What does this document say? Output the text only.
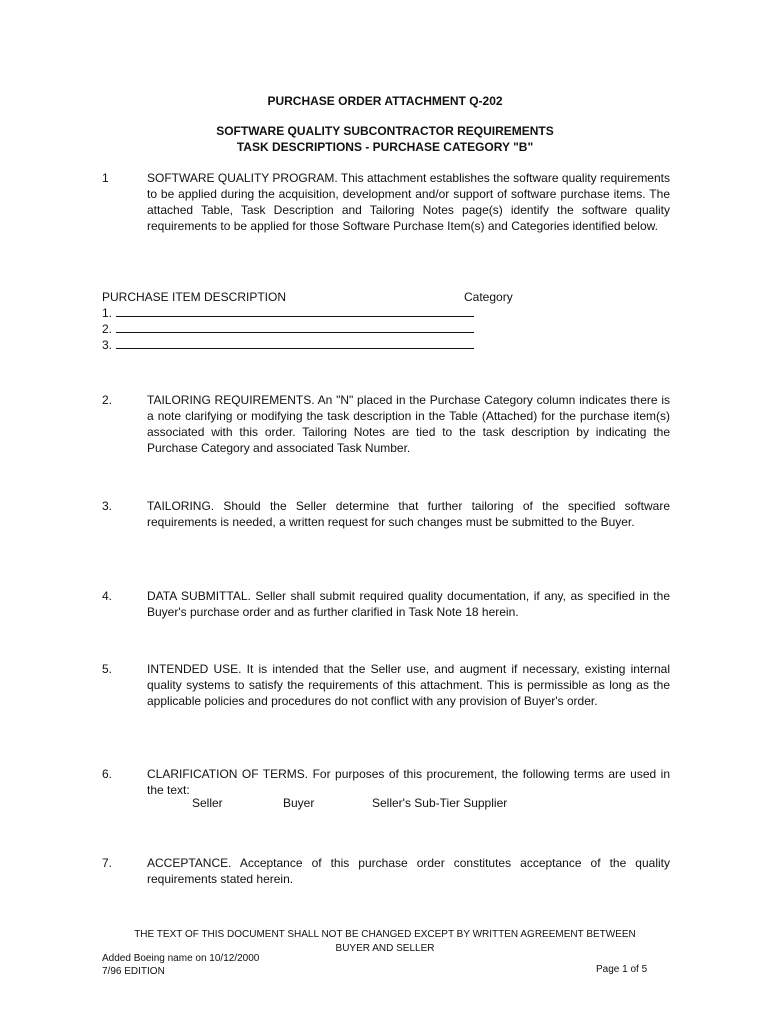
PURCHASE ORDER ATTACHMENT Q-202
SOFTWARE QUALITY SUBCONTRACTOR REQUIREMENTS
TASK DESCRIPTIONS - PURCHASE CATEGORY "B"
1	SOFTWARE QUALITY PROGRAM. This attachment establishes the software quality requirements to be applied during the acquisition, development and/or support of software purchase items. The attached Table, Task Description and Tailoring Notes page(s) identify the software quality requirements to be applied for those Software Purchase Item(s) and Categories identified below.
PURCHASE ITEM DESCRIPTION	Category
1.
2.
3.
2.	TAILORING REQUIREMENTS. An "N" placed in the Purchase Category column indicates there is a note clarifying or modifying the task description in the Table (Attached) for the purchase item(s) associated with this order. Tailoring Notes are tied to the task description by indicating the Purchase Category and associated Task Number.
3.	TAILORING. Should the Seller determine that further tailoring of the specified software requirements is needed, a written request for such changes must be submitted to the Buyer.
4.	DATA SUBMITTAL. Seller shall submit required quality documentation, if any, as specified in the Buyer's purchase order and as further clarified in Task Note 18 herein.
5.	INTENDED USE. It is intended that the Seller use, and augment if necessary, existing internal quality systems to satisfy the requirements of this attachment. This is permissible as long as the applicable policies and procedures do not conflict with any provision of Buyer's order.
6.	CLARIFICATION OF TERMS. For purposes of this procurement, the following terms are used in the text:
Seller	Buyer	Seller's Sub-Tier Supplier
7.	ACCEPTANCE. Acceptance of this purchase order constitutes acceptance of the quality requirements stated herein.
THE TEXT OF THIS DOCUMENT SHALL NOT BE CHANGED EXCEPT BY WRITTEN AGREEMENT BETWEEN
BUYER AND SELLER
Added Boeing name on 10/12/2000
7/96 EDITION	Page 1 of 5
